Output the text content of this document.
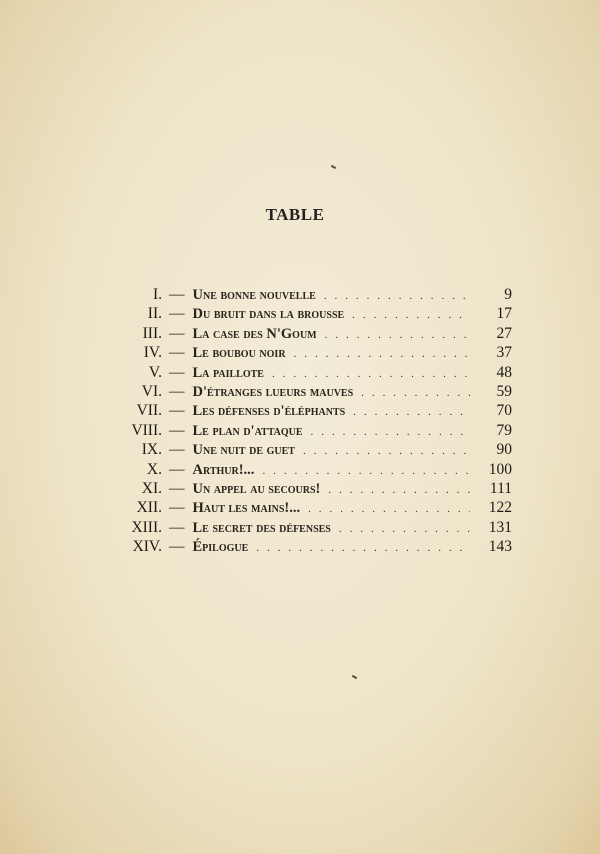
TABLE
I. — Une bonne nouvelle . . .	9
II. — Du bruit dans la brousse . . .	17
III. — La case des N'Goum . . .	27
IV. — Le boubou noir . . .	37
V. — La paillote . . .	48
VI. — D'étranges lueurs mauves . . .	59
VII. — Les défenses d'éléphants . . .	70
VIII. — Le plan d'attaque . . .	79
IX. — Une nuit de guet . . .	90
X. — Arthur!... . . .	100
XI. — Un appel au secours! . . .	111
XII. — Haut les mains!... . . .	122
XIII. — Le secret des défenses . . .	131
XIV. — Épilogue . . .	143
